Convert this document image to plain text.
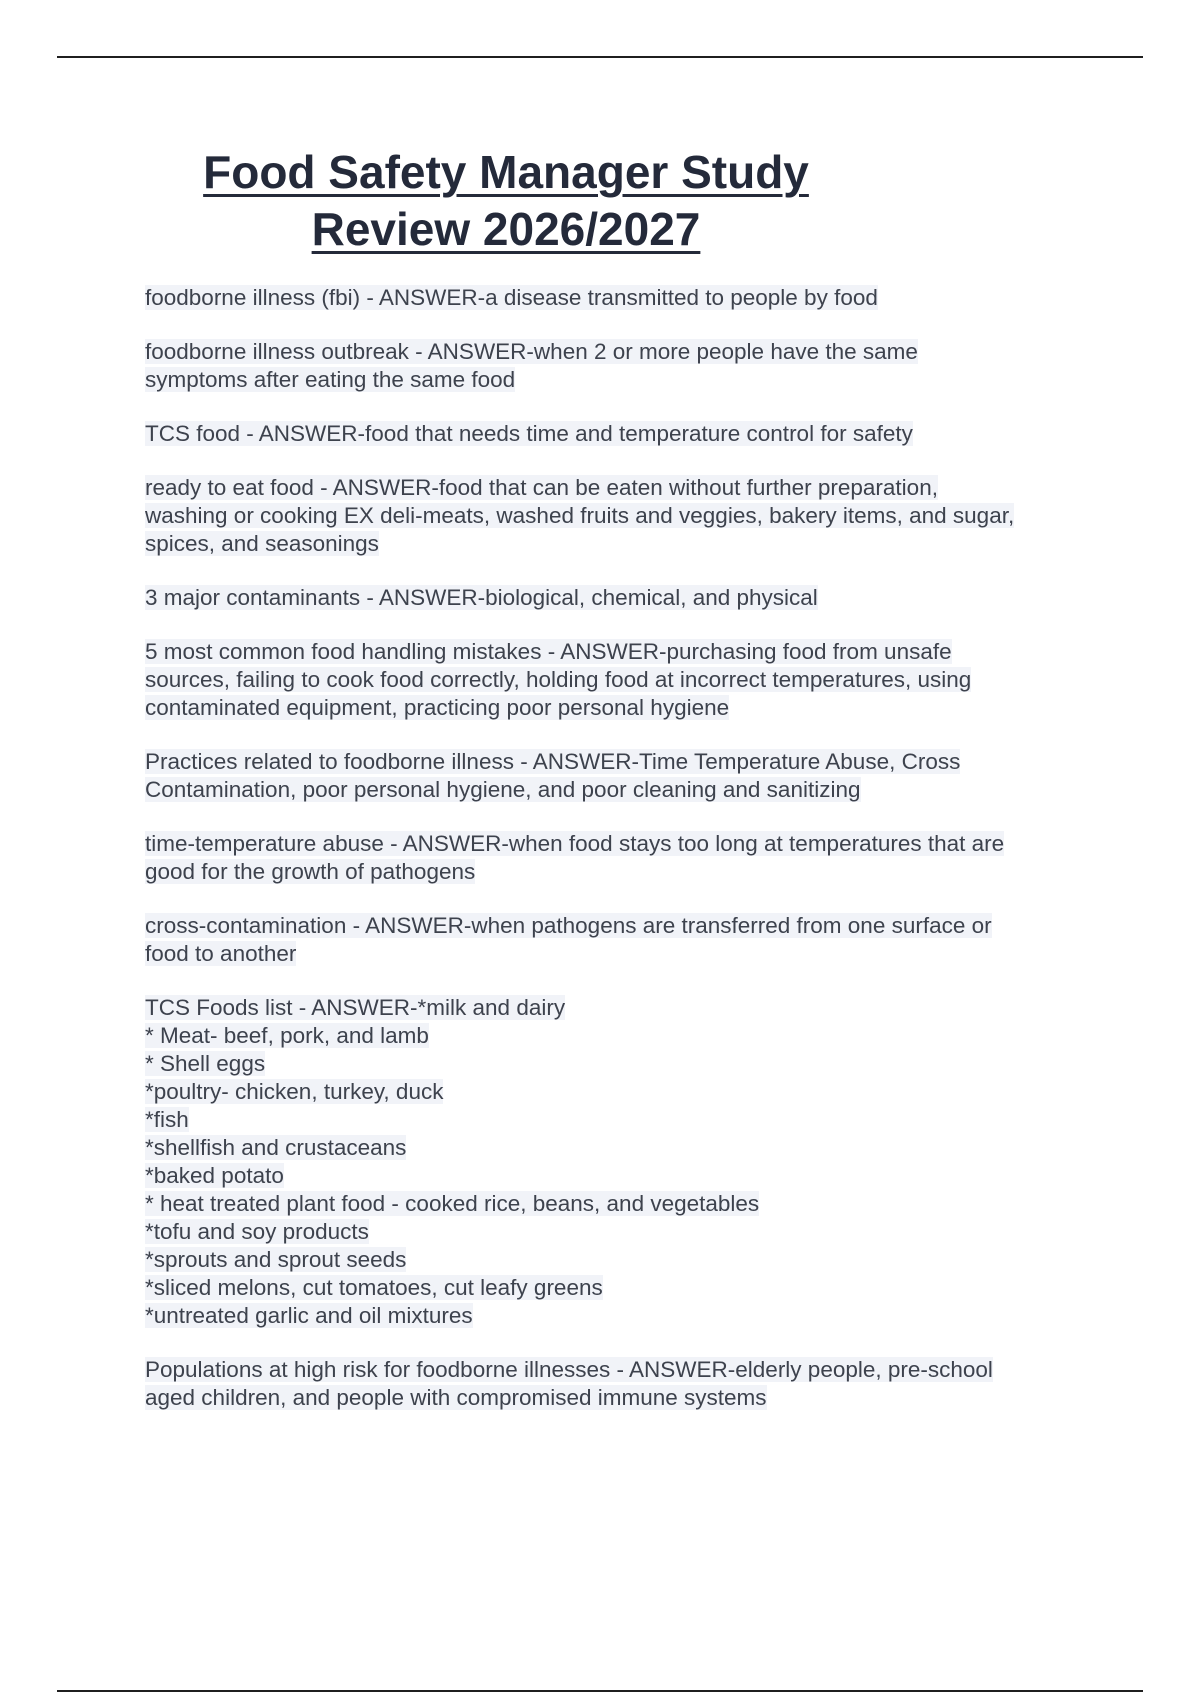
Food Safety Manager Study
Review 2026/2027

foodborne illness (fbi) - ANSWER-a disease transmitted to people by food

foodborne illness outbreak - ANSWER-when 2 or more people have the same
symptoms after eating the same food

TCS food - ANSWER-food that needs time and temperature control for safety

ready to eat food - ANSWER-food that can be eaten without further preparation,
washing or cooking EX deli-meats, washed fruits and veggies, bakery items, and sugar,
spices, and seasonings

3 major contaminants - ANSWER-biological, chemical, and physical

5 most common food handling mistakes - ANSWER-purchasing food from unsafe
sources, failing to cook food correctly, holding food at incorrect temperatures, using
contaminated equipment, practicing poor personal hygiene

Practices related to foodborne illness - ANSWER-Time Temperature Abuse, Cross
Contamination, poor personal hygiene, and poor cleaning and sanitizing

time-temperature abuse - ANSWER-when food stays too long at temperatures that are
good for the growth of pathogens

cross-contamination - ANSWER-when pathogens are transferred from one surface or
food to another

TCS Foods list - ANSWER-*milk and dairy
* Meat- beef, pork, and lamb
* Shell eggs
*poultry- chicken, turkey, duck
*fish
*shellfish and crustaceans
*baked potato
* heat treated plant food - cooked rice, beans, and vegetables
*tofu and soy products
*sprouts and sprout seeds
*sliced melons, cut tomatoes, cut leafy greens
*untreated garlic and oil mixtures

Populations at high risk for foodborne illnesses - ANSWER-elderly people, pre-school
aged children, and people with compromised immune systems
